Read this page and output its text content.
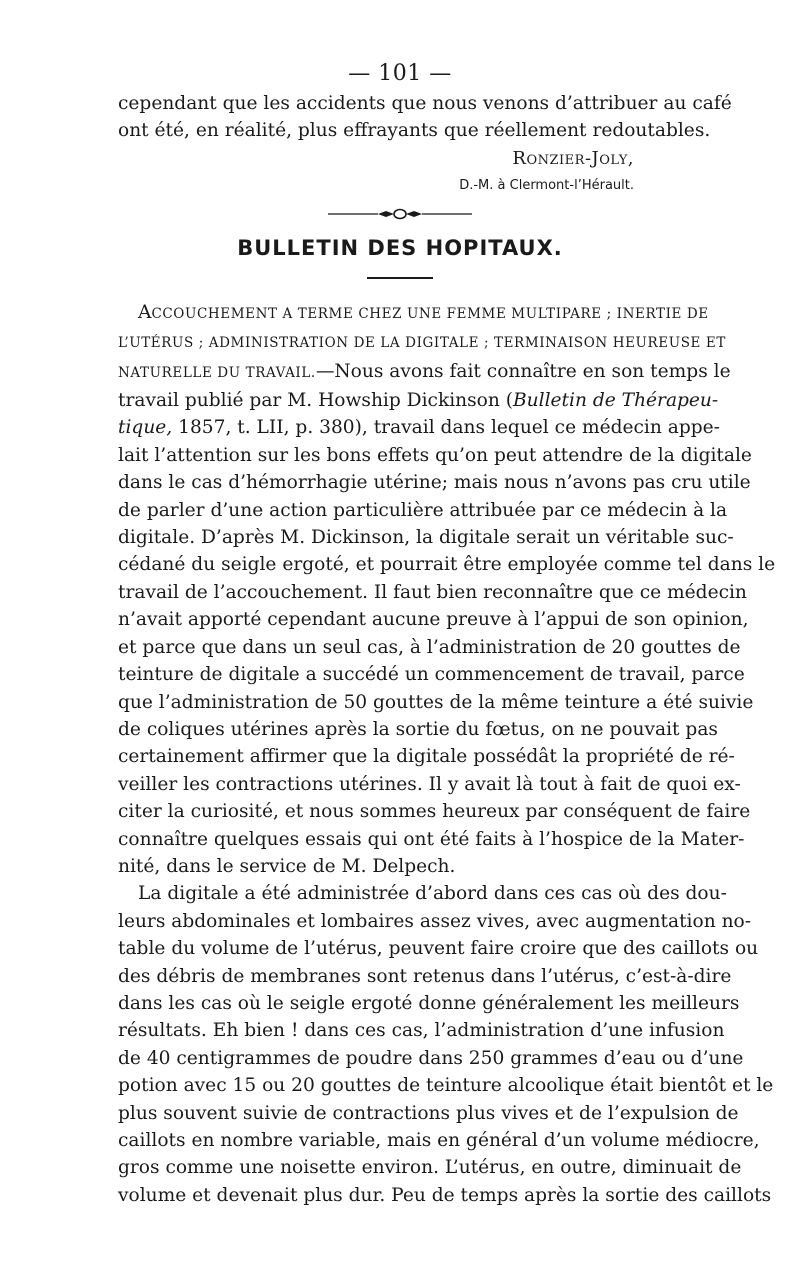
— 101 —
cependant que les accidents que nous venons d’attribuer au café
ont été, en réalité, plus effrayants que réellement redoutables.
Ronzier-Joly,
D.-M. à Clermont-l’Hérault.
BULLETIN DES HOPITAUX.
ACCOUCHEMENT A TERME CHEZ UNE FEMME MULTIPARE ; INERTIE DE
L’UTÉRUS ; ADMINISTRATION DE LA DIGITALE ; TERMINAISON HEUREUSE ET
NATURELLE DU TRAVAIL.—Nous avons fait connaître en son temps le
travail publié par M. Howship Dickinson (Bulletin de Thérapeu-
tique, 1857, t. LII, p. 380), travail dans lequel ce médecin appe-
lait l’attention sur les bons effets qu’on peut attendre de la digitale
dans le cas d’hémorrhagie utérine; mais nous n’avons pas cru utile
de parler d’une action particulière attribuée par ce médecin à la
digitale. D’après M. Dickinson, la digitale serait un véritable suc-
cédané du seigle ergoté, et pourrait être employée comme tel dans le
travail de l’accouchement. Il faut bien reconnaître que ce médecin
n’avait apporté cependant aucune preuve à l’appui de son opinion,
et parce que dans un seul cas, à l’administration de 20 gouttes de
teinture de digitale a succédé un commencement de travail, parce
que l’administration de 50 gouttes de la même teinture a été suivie
de coliques utérines après la sortie du fœtus, on ne pouvait pas
certainement affirmer que la digitale possédât la propriété de ré-
veiller les contractions utérines. Il y avait là tout à fait de quoi ex-
citer la curiosité, et nous sommes heureux par conséquent de faire
connaître quelques essais qui ont été faits à l’hospice de la Mater-
nité, dans le service de M. Delpech.
La digitale a été administrée d’abord dans ces cas où des dou-
leurs abdominales et lombaires assez vives, avec augmentation no-
table du volume de l’utérus, peuvent faire croire que des caillots ou
des débris de membranes sont retenus dans l’utérus, c’est-à-dire
dans les cas où le seigle ergoté donne généralement les meilleurs
résultats. Eh bien ! dans ces cas, l’administration d’une infusion
de 40 centigrammes de poudre dans 250 grammes d’eau ou d’une
potion avec 15 ou 20 gouttes de teinture alcoolique était bientôt et le
plus souvent suivie de contractions plus vives et de l’expulsion de
caillots en nombre variable, mais en général d’un volume médiocre,
gros comme une noisette environ. L’utérus, en outre, diminuait de
volume et devenait plus dur. Peu de temps après la sortie des caillots
